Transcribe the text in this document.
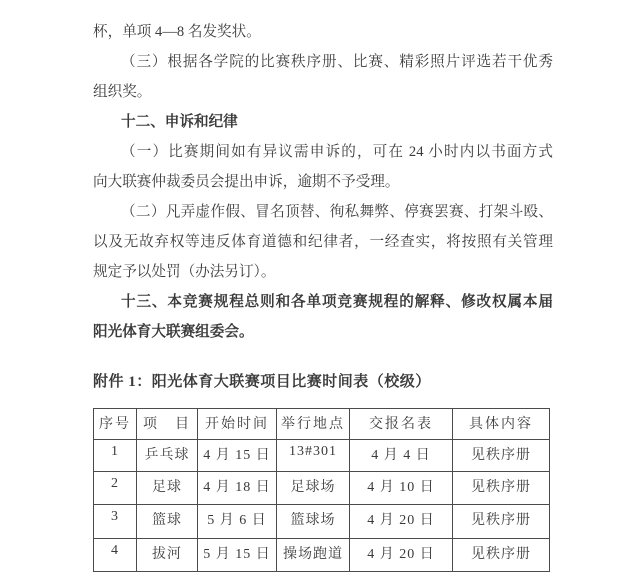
杯，单项 4—8 名发奖状。
（三）根据各学院的比赛秩序册、比赛、精彩照片评选若干优秀
组织奖。
十二、申诉和纪律
（一）比赛期间如有异议需申诉的，可在 24 小时内以书面方式
向大联赛仲裁委员会提出申诉，逾期不予受理。
（二）凡弄虚作假、冒名顶替、徇私舞弊、停赛罢赛、打架斗殴、
以及无故弃权等违反体育道德和纪律者，一经查实，将按照有关管理
规定予以处罚（办法另订）。
十三、本竞赛规程总则和各单项竞赛规程的解释、修改权属本届
阳光体育大联赛组委会。
附件 1：阳光体育大联赛项目比赛时间表（校级）
序号	项　目	开始时间	举行地点	交报名表	具体内容
1	乒乓球	4 月 15 日	13#301	4 月 4 日	见秩序册
2	足球	4 月 18 日	足球场	4 月 10 日	见秩序册
3	篮球	5 月 6 日	篮球场	4 月 20 日	见秩序册
4	拔河	5 月 15 日	操场跑道	4 月 20 日	见秩序册
